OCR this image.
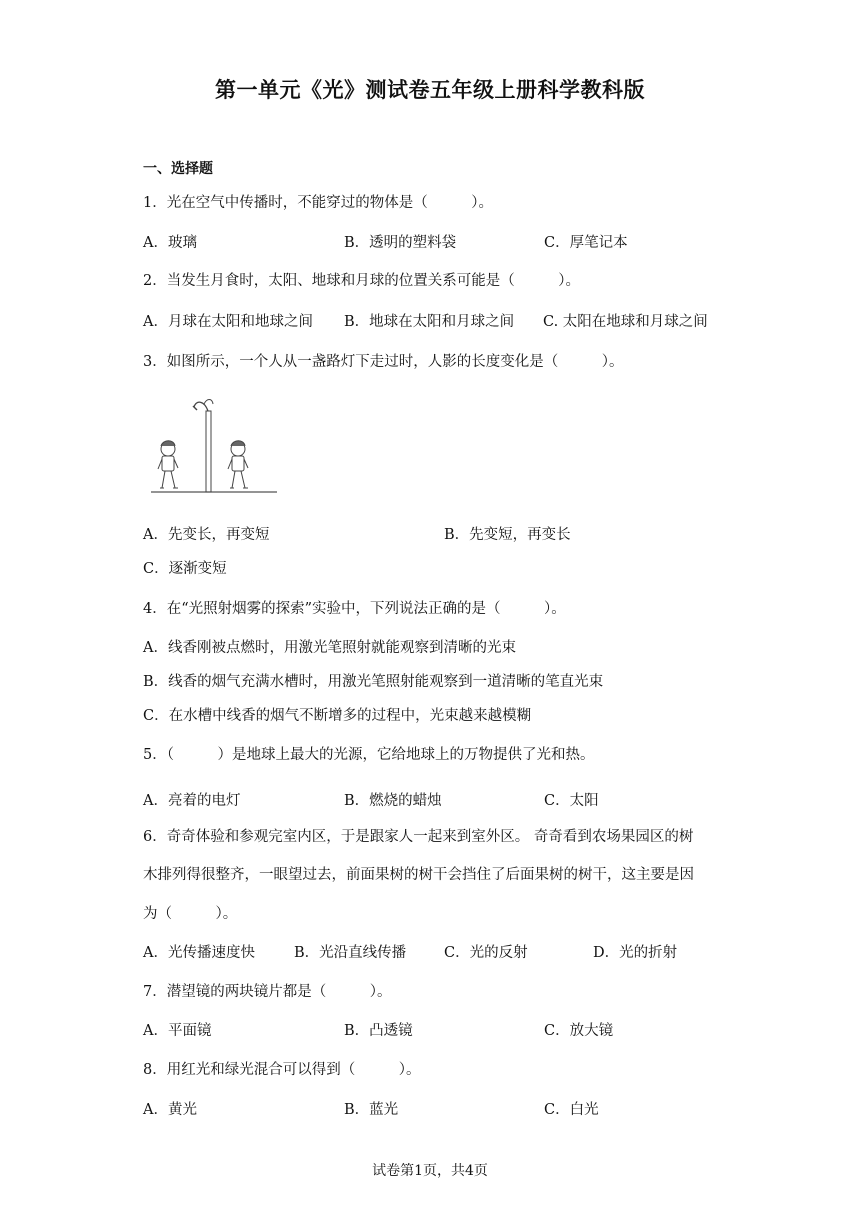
第一单元《光》测试卷五年级上册科学教科版
一、选择题
1．光在空气中传播时，不能穿过的物体是（　　　）。
A．玻璃	B．透明的塑料袋	C．厚笔记本
2．当发生月食时，太阳、地球和月球的位置关系可能是（　　　）。
A．月球在太阳和地球之间 B．地球在太阳和月球之间 C. 太阳在地球和月球之间
3．如图所示，一个人从一盏路灯下走过时，人影的长度变化是（　　　）。
A．先变长，再变短	B．先变短，再变长
C．逐渐变短
4．在“光照射烟雾的探索”实验中，下列说法正确的是（　　　）。
A．线香刚被点燃时，用激光笔照射就能观察到清晰的光束
B．线香的烟气充满水槽时，用激光笔照射能观察到一道清晰的笔直光束
C．在水槽中线香的烟气不断增多的过程中，光束越来越模糊
5．（　　　）是地球上最大的光源，它给地球上的万物提供了光和热。
A．亮着的电灯	B．燃烧的蜡烛	C．太阳
6．奇奇体验和参观完室内区，于是跟家人一起来到室外区。 奇奇看到农场果园区的树
木排列得很整齐，一眼望过去，前面果树的树干会挡住了后面果树的树干，这主要是因
为（　　　）。
A．光传播速度快	B．光沿直线传播	C．光的反射	D．光的折射
7．潜望镜的两块镜片都是（　　　）。
A．平面镜	B．凸透镜	C．放大镜
8．用红光和绿光混合可以得到（　　　）。
A．黄光	B．蓝光	C．白光
试卷第1页，共4页
